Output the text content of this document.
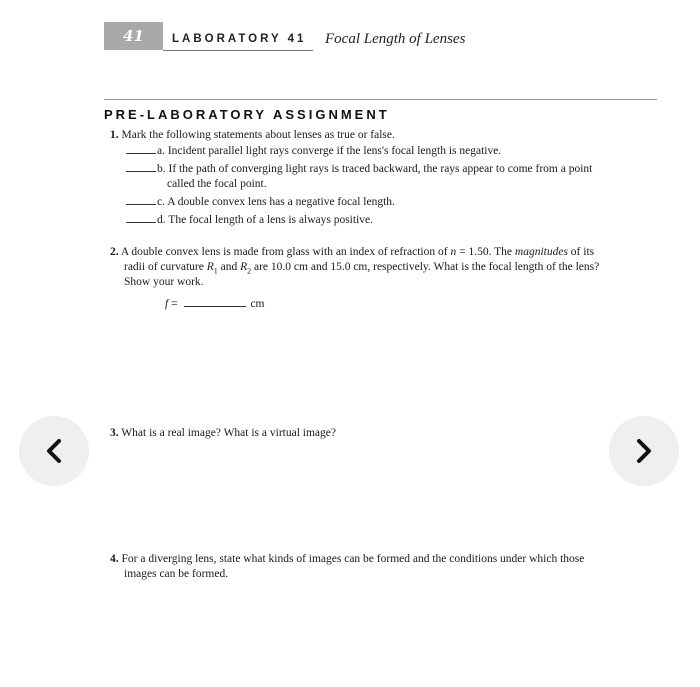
41	LABORATORY 41 Focal Length of Lenses
PRE-LABORATORY ASSIGNMENT
1. Mark the following statements about lenses as true or false.
a. Incident parallel light rays converge if the lens's focal length is negative.
b. If the path of converging light rays is traced backward, the rays appear to come from a point
called the focal point.
c. A double convex lens has a negative focal length.
d. The focal length of a lens is always positive.
2. A double convex lens is made from glass with an index of refraction of n = 1.50. The magnitudes of its
radii of curvature $R_1$ and $R_2$ are 10.0 cm and 15.0 cm, respectively. What is the focal length of the lens?
Show your work.
f =	cm
3. What is a real image? What is a virtual image?
4. For a diverging lens, state what kinds of images can be formed and the conditions under which those
images can be formed.
